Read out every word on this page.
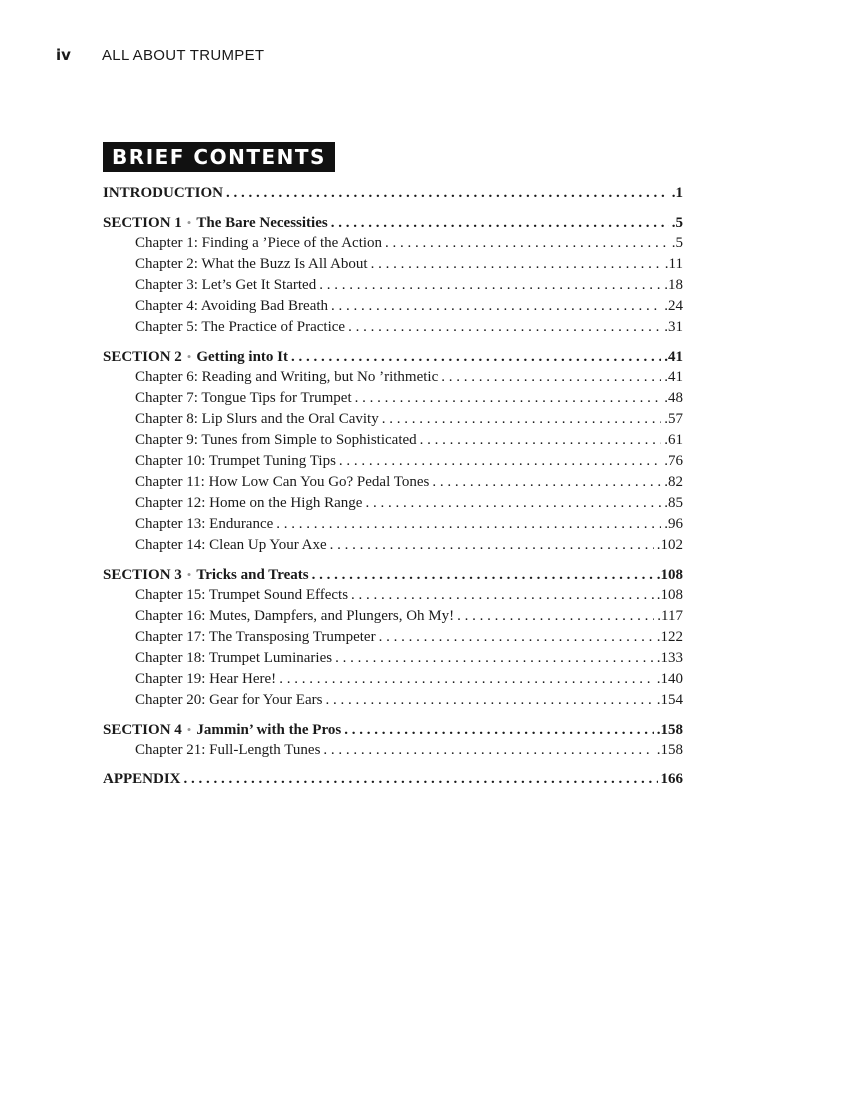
iv	ALL ABOUT TRUMPET
BRIEF CONTENTS
INTRODUCTION . . .	.1
SECTION 1 • The Bare Necessities . . .	.5
Chapter 1: Finding a ’Piece of the Action . . .	.5
Chapter 2: What the Buzz Is All About . . .	.11
Chapter 3: Let’s Get It Started . . .	.18
Chapter 4: Avoiding Bad Breath . . .	.24
Chapter 5: The Practice of Practice . . .	.31
SECTION 2 • Getting into It . . .	.41
Chapter 6: Reading and Writing, but No ’rithmetic . . .	.41
Chapter 7: Tongue Tips for Trumpet . . .	.48
Chapter 8: Lip Slurs and the Oral Cavity . . .	.57
Chapter 9: Tunes from Simple to Sophisticated . . .	.61
Chapter 10: Trumpet Tuning Tips . . .	.76
Chapter 11: How Low Can You Go? Pedal Tones . . .	.82
Chapter 12: Home on the High Range . . .	.85
Chapter 13: Endurance . . .	.96
Chapter 14: Clean Up Your Axe . . .	.102
SECTION 3 • Tricks and Treats . . .	.108
Chapter 15: Trumpet Sound Effects . . .	.108
Chapter 16: Mutes, Dampfers, and Plungers, Oh My! . . .	.117
Chapter 17: The Transposing Trumpeter . . .	.122
Chapter 18: Trumpet Luminaries . . .	.133
Chapter 19: Hear Here! . . .	.140
Chapter 20: Gear for Your Ears . . .	.154
SECTION 4 • Jammin’ with the Pros . . .	.158
Chapter 21: Full-Length Tunes . . .	.158
APPENDIX . . .	166
